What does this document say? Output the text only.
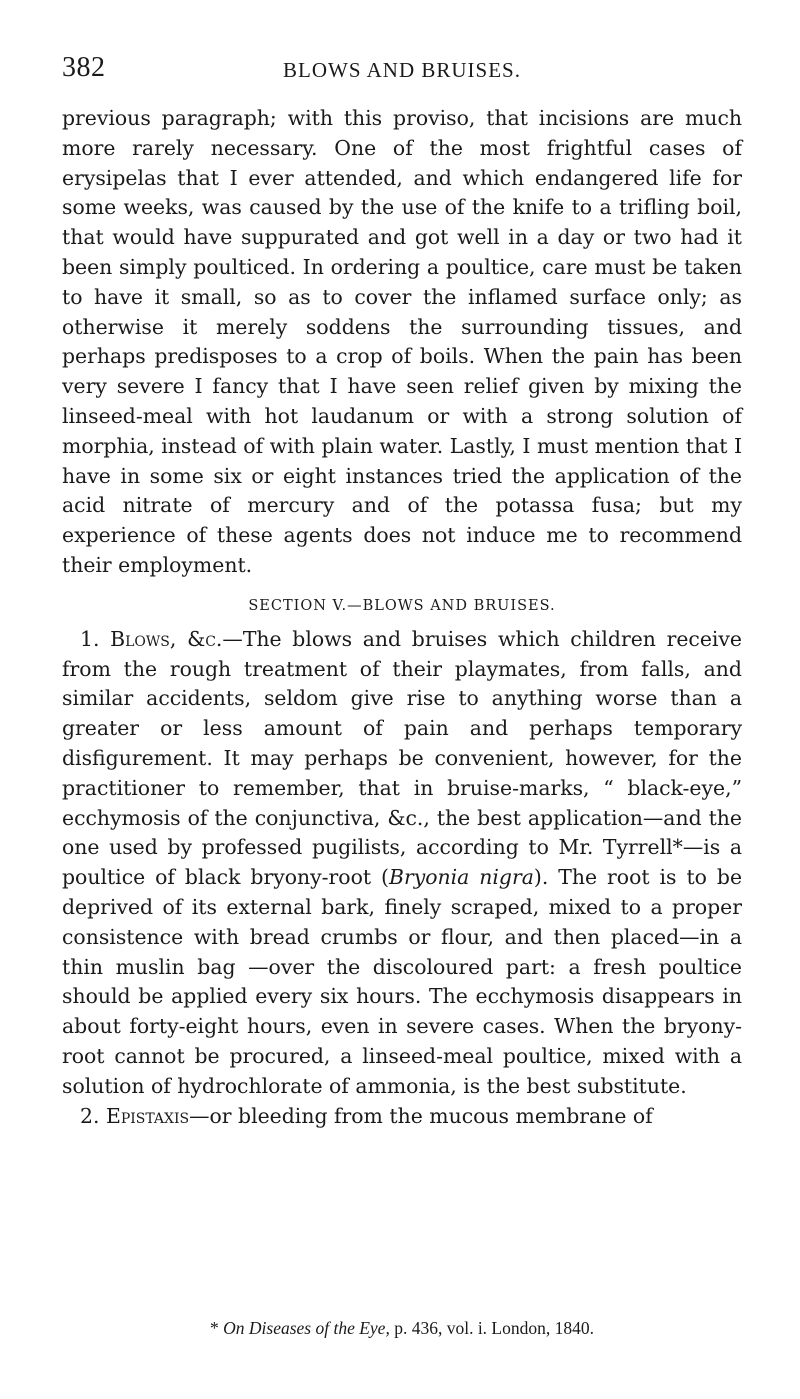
382	BLOWS AND BRUISES.

previous paragraph; with this proviso, that incisions are much more rarely necessary. One of the most frightful cases of erysipelas that I ever attended, and which endangered life for some weeks, was caused by the use of the knife to a trifling boil, that would have suppurated and got well in a day or two had it been simply poulticed. In ordering a poultice, care must be taken to have it small, so as to cover the inflamed surface only; as otherwise it merely soddens the surrounding tissues, and perhaps predisposes to a crop of boils. When the pain has been very severe I fancy that I have seen relief given by mixing the linseed-meal with hot laudanum or with a strong solution of morphia, instead of with plain water. Lastly, I must mention that I have in some six or eight instances tried the application of the acid nitrate of mercury and of the potassa fusa; but my experience of these agents does not induce me to recommend their employment.

SECTION V.—BLOWS AND BRUISES.

1. Blows, &c.—The blows and bruises which children receive from the rough treatment of their playmates, from falls, and similar accidents, seldom give rise to anything worse than a greater or less amount of pain and perhaps temporary disfigurement. It may perhaps be convenient, however, for the practitioner to remember, that in bruise-marks, “ black-eye,” ecchymosis of the conjunctiva, &c., the best application—and the one used by professed pugilists, according to Mr. Tyrrell*—is a poultice of black bryony-root (Bryonia nigra). The root is to be deprived of its external bark, finely scraped, mixed to a proper consistence with bread crumbs or flour, and then placed—in a thin muslin bag —over the discoloured part: a fresh poultice should be applied every six hours. The ecchymosis disappears in about forty-eight hours, even in severe cases. When the bryony-root cannot be procured, a linseed-meal poultice, mixed with a solution of hydrochlorate of ammonia, is the best substitute.

2. Epistaxis—or bleeding from the mucous membrane of

* On Diseases of the Eye, p. 436, vol. i. London, 1840.
